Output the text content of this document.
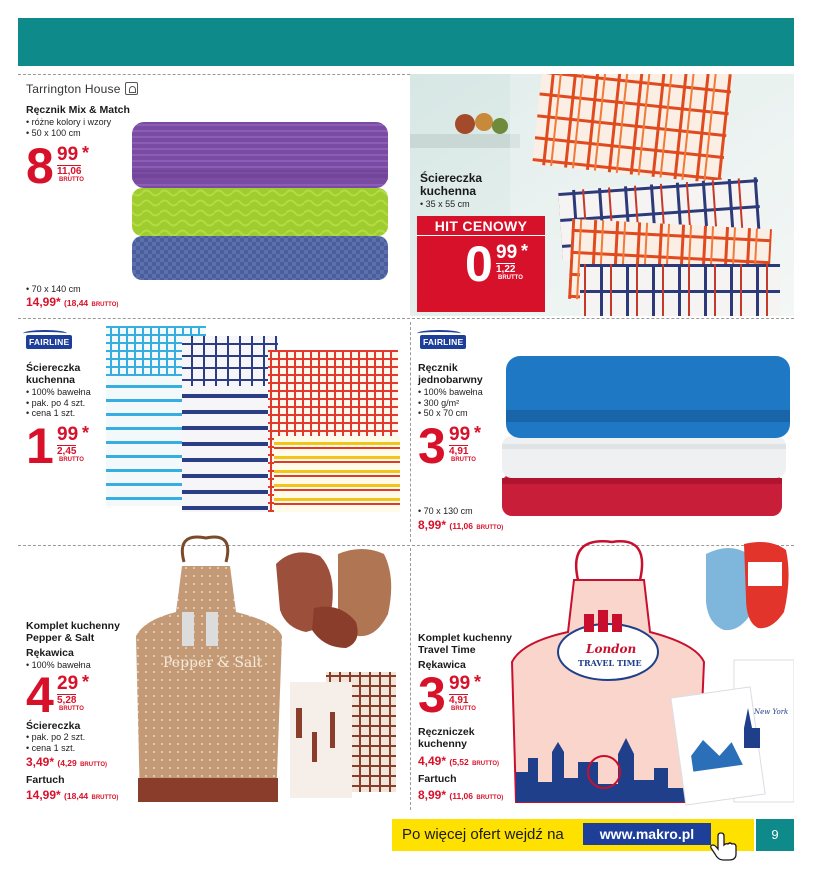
Tarrington House
Ręcznik Mix & Match
• różne kolory i wzory
• 50 x 100 cm
8 99 *
11,06
BRUTTO
• 70 x 140 cm
14,99* (18,44 BRUTTO)
Ściereczka
kuchenna
• 35 x 55 cm
HIT CENOWY
0 99 *
1,22
BRUTTO
FAIRLINE
Ściereczka
kuchenna
• 100% bawełna
• pak. po 4 szt.
• cena 1 szt.
1 99 *
2,45
BRUTTO
FAIRLINE
Ręcznik
jednobarwny
• 100% bawełna
• 300 g/m²
• 50 x 70 cm
3 99 *
4,91
BRUTTO
• 70 x 130 cm
8,99* (11,06 BRUTTO)
Pepper & Salt
Komplet kuchenny
Pepper & Salt
Rękawica
• 100% bawełna
4 29 *
5,28
BRUTTO
Ściereczka
• pak. po 2 szt.
• cena 1 szt.
3,49* (4,29 BRUTTO)
Fartuch
14,99* (18,44 BRUTTO)
London
TRAVEL TIME
New York
Komplet kuchenny
Travel Time
Rękawica
3 99 *
4,91
BRUTTO
Ręczniczek
kuchenny
4,49* (5,52 BRUTTO)
Fartuch
8,99* (11,06 BRUTTO)
Po więcej ofert wejdź na	www.makro.pl	9
